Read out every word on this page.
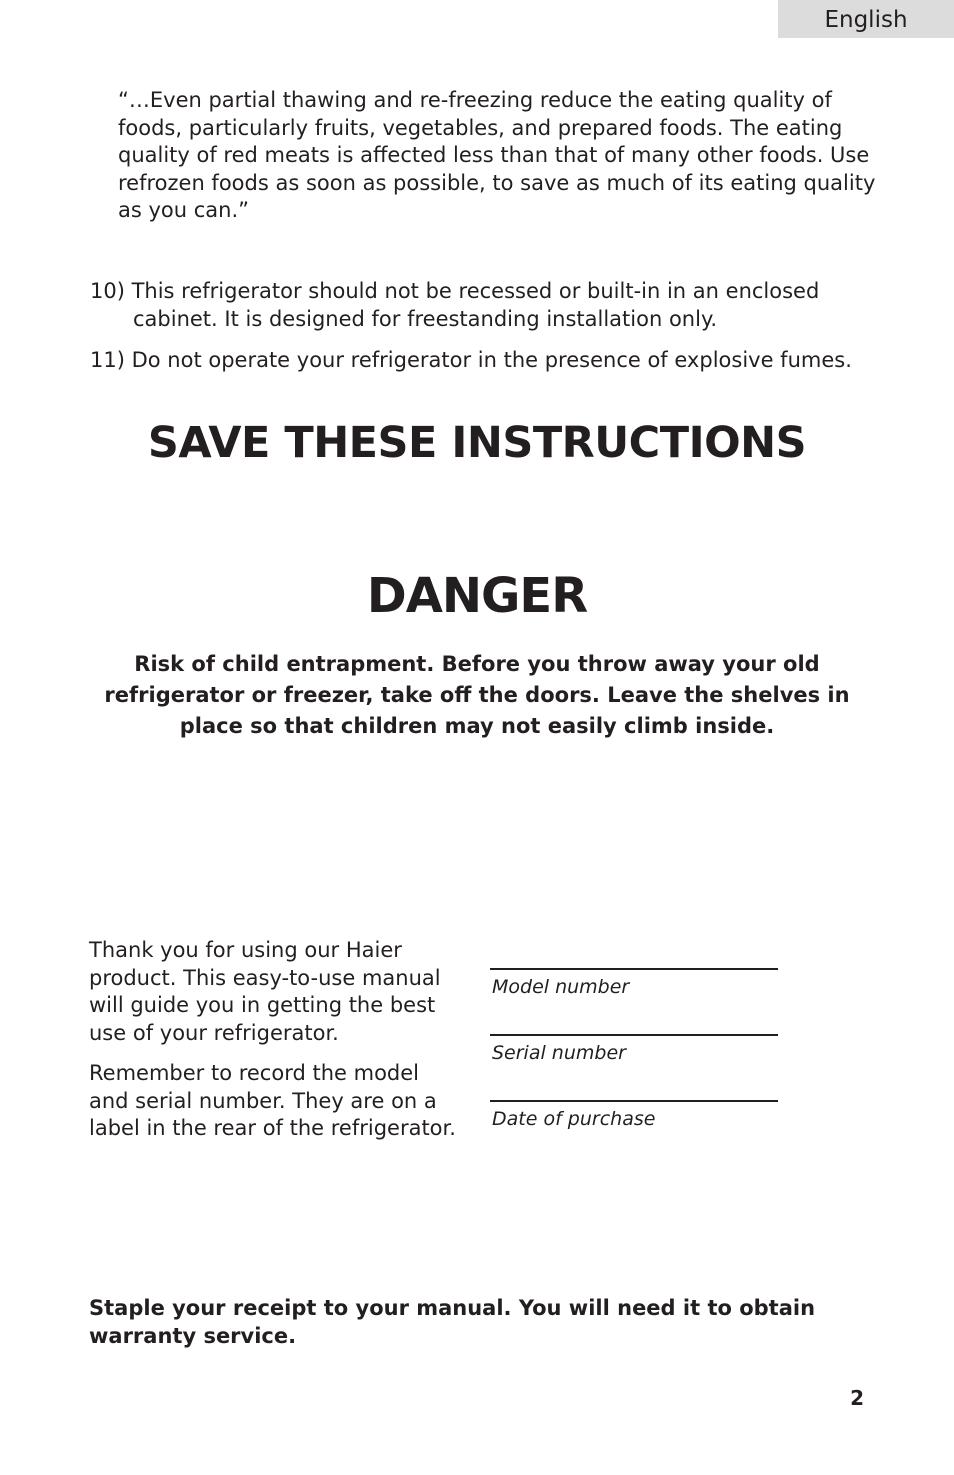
English

“…Even partial thawing and re-freezing reduce the eating quality of foods, particularly fruits, vegetables, and prepared foods. The eating quality of red meats is affected less than that of many other foods. Use refrozen foods as soon as possible, to save as much of its eating quality as you can.”

10) This refrigerator should not be recessed or built-in in an enclosed cabinet. It is designed for freestanding installation only.

11) Do not operate your refrigerator in the presence of explosive fumes.

SAVE THESE INSTRUCTIONS
DANGER

Risk of child entrapment. Before you throw away your old refrigerator or freezer, take off the doors. Leave the shelves in place so that children may not easily climb inside.

Thank you for using our Haier product. This easy-to-use manual will guide you in getting the best use of your refrigerator.

Remember to record the model and serial number. They are on a label in the rear of the refrigerator.

Model number
Serial number
Date of purchase

Staple your receipt to your manual. You will need it to obtain warranty service.

2
